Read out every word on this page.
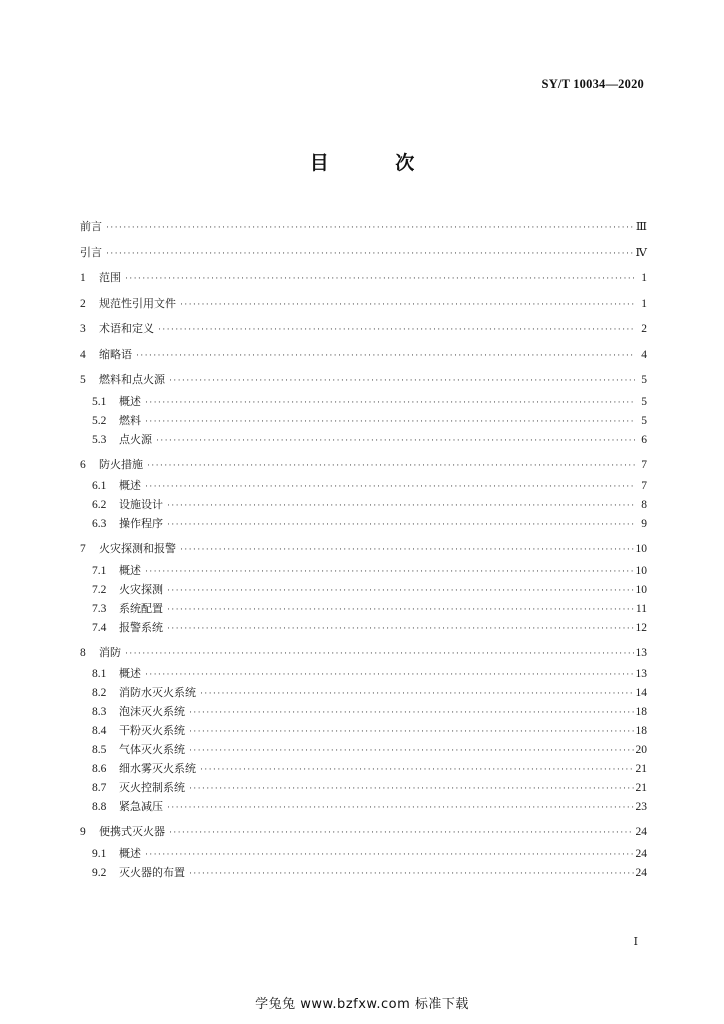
SY/T 10034—2020
目 次
前言 ·····	Ⅲ
引言 ·····	Ⅳ
1	范围 ·····	1
2	规范性引用文件 ·····	1
3	术语和定义 ·····	2
4	缩略语 ·····	4
5	燃料和点火源 ·····	5
5.1	概述 ·····	5
5.2	燃料 ·····	5
5.3	点火源 ·····	6
6	防火措施 ·····	7
6.1	概述 ·····	7
6.2	设施设计 ·····	8
6.3	操作程序 ·····	9
7	火灾探测和报警 ·····	10
7.1	概述 ·····	10
7.2	火灾探测 ·····	10
7.3	系统配置 ·····	11
7.4	报警系统 ·····	12
8	消防 ·····	13
8.1	概述 ·····	13
8.2	消防水灭火系统 ·····	14
8.3	泡沫灭火系统 ·····	18
8.4	干粉灭火系统 ·····	18
8.5	气体灭火系统 ·····	20
8.6	细水雾灭火系统 ·····	21
8.7	灭火控制系统 ·····	21
8.8	紧急减压 ·····	23
9	便携式灭火器 ·····	24
9.1	概述 ·····	24
9.2	灭火器的布置 ·····	24
Ⅰ
学兔兔 www.bzfxw.com 标准下载
